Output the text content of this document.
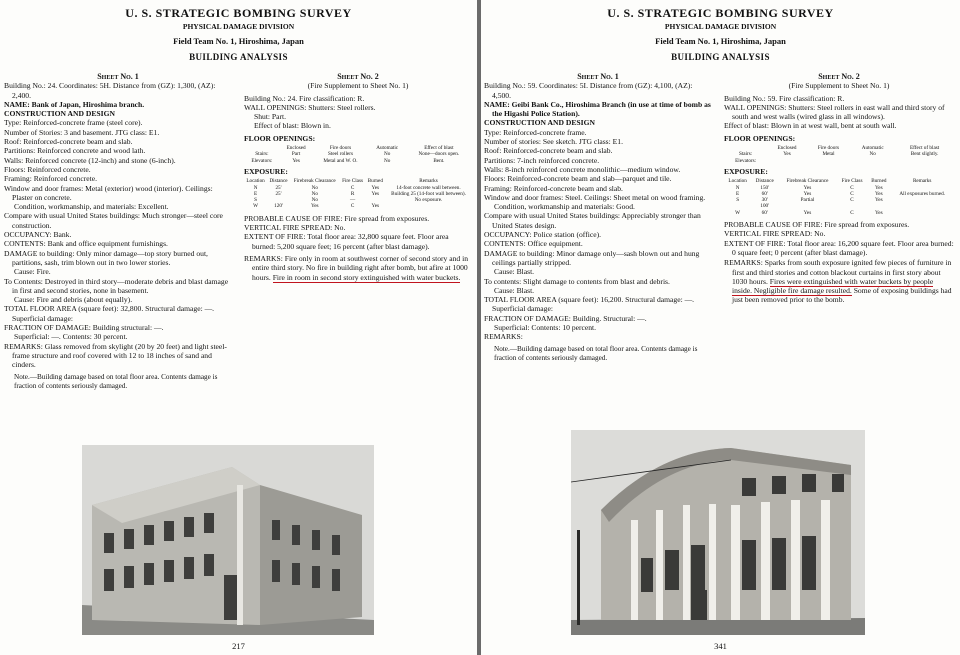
U. S. STRATEGIC BOMBING SURVEY
PHYSICAL DAMAGE DIVISION
Field Team No. 1, Hiroshima, Japan
BUILDING ANALYSIS

Sheet No. 1

Building No.: 24. Coordinates: 5H. Distance from (GZ): 1,300, (AZ): 2,400.

NAME: Bank of Japan, Hiroshima branch.

CONSTRUCTION AND DESIGN

Type: Reinforced-concrete frame (steel core).

Number of Stories: 3 and basement. JTG class: E1.

Roof: Reinforced-concrete beam and slab.

Partitions: Reinforced concrete and wood lath.

Walls: Reinforced concrete (12-inch) and stone (6-inch).

Floors: Reinforced concrete.

Framing: Reinforced concrete.

Window and door frames: Metal (exterior) wood (interior). Ceilings: Plaster on concrete.

Condition, workmanship, and materials: Excellent.

Compare with usual United States buildings: Much stronger—steel core construction.

OCCUPANCY: Bank.

CONTENTS: Bank and office equipment furnishings.

DAMAGE to building: Only minor damage—top story burned out, partitions, sash, trim blown out in two lower stories.

Cause: Fire.

To Contents: Destroyed in third story—moderate debris and blast damage in first and second stories, none in basement.

Cause: Fire and debris (about equally).

TOTAL FLOOR AREA (square feet): 32,800. Structural damage: —. Superficial damage:

FRACTION OF DAMAGE: Building structural: —.

Superficial: —. Contents: 30 percent.

REMARKS: Glass removed from skylight (20 by 20 feet) and light steel-frame structure and roof covered with 12 to 18 inches of sand and cinders.

Note.—Building damage based on total floor area. Contents damage is fraction of contents seriously damaged.

Sheet No. 2

(Fire Supplement to Sheet No. 1)

Building No.: 24. Fire classification: R.

WALL OPENINGS: Shutters: Steel rollers.

Shut: Part.

Effect of blast: Blown in.

FLOOR OPENINGS:

	Enclosed	Fire doors	Automatic	Effect of blast
Stairs:	Part	Steel rollers	No	None—doors open.
Elevators:	Yes	Metal and W. O.	No	Bent.

EXPOSURE:

Location	Distance	Firebreak Clearance	Fire Class	Burned	Remarks
N	25'	No	C	Yes	14-foot concrete wall between.
E	25'	No	R	Yes	Building 25 (14-foot wall between).
S		No	—		No exposure.
W	120'	Yes	C	Yes	

PROBABLE CAUSE OF FIRE: Fire spread from exposures.

VERTICAL FIRE SPREAD: No.

EXTENT OF FIRE: Total floor area: 32,800 square feet. Floor area burned: 5,200 square feet; 16 percent (after blast damage).

REMARKS: Fire only in room at southwest corner of second story and in entire third story. No fire in building right after bomb, but afire at 1000 hours. Fire in room in second story extinguished with water buckets.

217
U. S. STRATEGIC BOMBING SURVEY
PHYSICAL DAMAGE DIVISION
Field Team No. 1, Hiroshima, Japan
BUILDING ANALYSIS

Sheet No. 1

Building No.: 59. Coordinates: 5I. Distance from (GZ): 4,100, (AZ): 4,500.

NAME: Geibi Bank Co., Hiroshima Branch (in use at time of bomb as the Higashi Police Station).

CONSTRUCTION AND DESIGN

Type: Reinforced-concrete frame.

Number of stories: See sketch. JTG class: E1.

Roof: Reinforced-concrete beam and slab.

Partitions: 7-inch reinforced concrete.

Walls: 8-inch reinforced concrete monolithic—medium window.

Floors: Reinforced-concrete beam and slab—parquet and tile.

Framing: Reinforced-concrete beam and slab.

Window and door frames: Steel. Ceilings: Sheet metal on wood framing.

Condition, workmanship and materials: Good.

Compare with usual United States buildings: Appreciably stronger than United States design.

OCCUPANCY: Police station (office).

CONTENTS: Office equipment.

DAMAGE to building: Minor damage only—sash blown out and hung ceilings partially stripped.

Cause: Blast.

To contents: Slight damage to contents from blast and debris.

Cause: Blast.

TOTAL FLOOR AREA (square feet): 16,200. Structural damage: —. Superficial damage:

FRACTION OF DAMAGE: Building. Structural: —.

Superficial: Contents: 10 percent.

REMARKS:

Note.—Building damage based on total floor area. Contents damage is fraction of contents seriously damaged.

Sheet No. 2

(Fire Supplement to Sheet No. 1)

Building No.: 59. Fire classification: R.

WALL OPENINGS: Shutters: Steel rollers in east wall and third story of south and west walls (wired glass in all windows).

Effect of blast: Blown in at west wall, bent at south wall.

FLOOR OPENINGS:

	Enclosed	Fire doors	Automatic	Effect of blast
Stairs:	Yes	Metal	No	Bent slightly.
Elevators:				

EXPOSURE:

Location	Distance	Firebreak Clearance	Fire Class	Burned	Remarks
N	150'	Yes	C	Yes	
E	60'	Yes	C	Yes	All exposures burned.
S	30'	Partial	C	Yes	
	100'				
W	60'	Yes	C	Yes	

PROBABLE CAUSE OF FIRE: Fire spread from exposures.

VERTICAL FIRE SPREAD: No.

EXTENT OF FIRE: Total floor area: 16,200 square feet. Floor area burned: 0 square feet; 0 percent (after blast damage).

REMARKS: Sparks from south exposure ignited few pieces of furniture in first and third stories and cotton blackout curtains in first story about 1030 hours. Fires were extinguished with water buckets by people inside. Negligible fire damage resulted. Some of exposing buildings had just been removed prior to the bomb.

341
